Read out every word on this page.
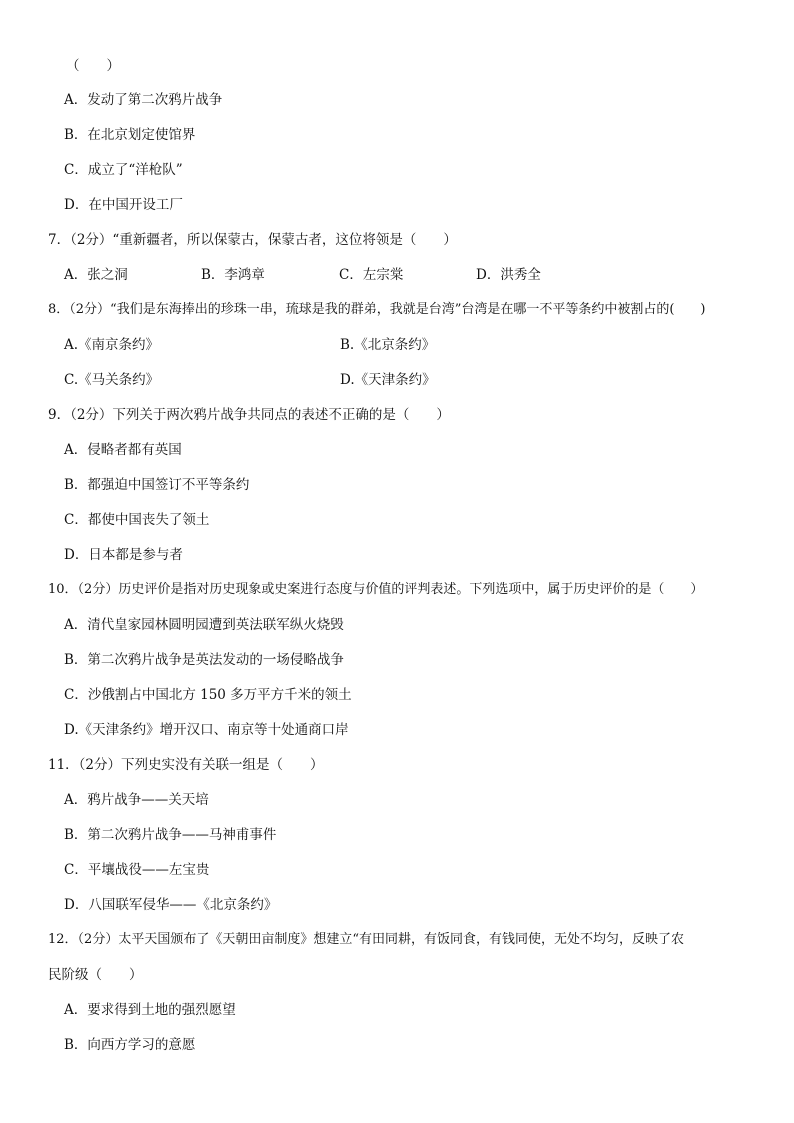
（　　）
A．发动了第二次鸦片战争
B．在北京划定使馆界
C．成立了“洋枪队”
D．在中国开设工厂
7．（2分）“重新疆者，所以保蒙古，保蒙古者，这位将领是（　　）
A．张之洞	B．李鸿章	C．左宗棠	D．洪秀全
8．（2分）“我们是东海捧出的珍珠一串，琉球是我的群弟，我就是台湾”台湾是在哪一不平等条约中被割占的(　　)
A.《南京条约》	B.《北京条约》
C.《马关条约》	D.《天津条约》
9．（2分）下列关于两次鸦片战争共同点的表述不正确的是（　　）
A．侵略者都有英国
B．都强迫中国签订不平等条约
C．都使中国丧失了领土
D．日本都是参与者
10．（2分）历史评价是指对历史现象或史案进行态度与价值的评判表述。下列选项中，属于历史评价的是（　　）
A．清代皇家园林圆明园遭到英法联军纵火烧毁
B．第二次鸦片战争是英法发动的一场侵略战争
C．沙俄割占中国北方 150 多万平方千米的领土
D.《天津条约》增开汉口、南京等十处通商口岸
11．（2分）下列史实没有关联一组是（　　）
A．鸦片战争——关天培
B．第二次鸦片战争——马神甫事件
C．平壤战役——左宝贵
D．八国联军侵华——《北京条约》
12．（2分）太平天国颁布了《天朝田亩制度》想建立“有田同耕，有饭同食，有钱同使，无处不均匀，反映了农
民阶级（　　）
A．要求得到土地的强烈愿望
B．向西方学习的意愿
